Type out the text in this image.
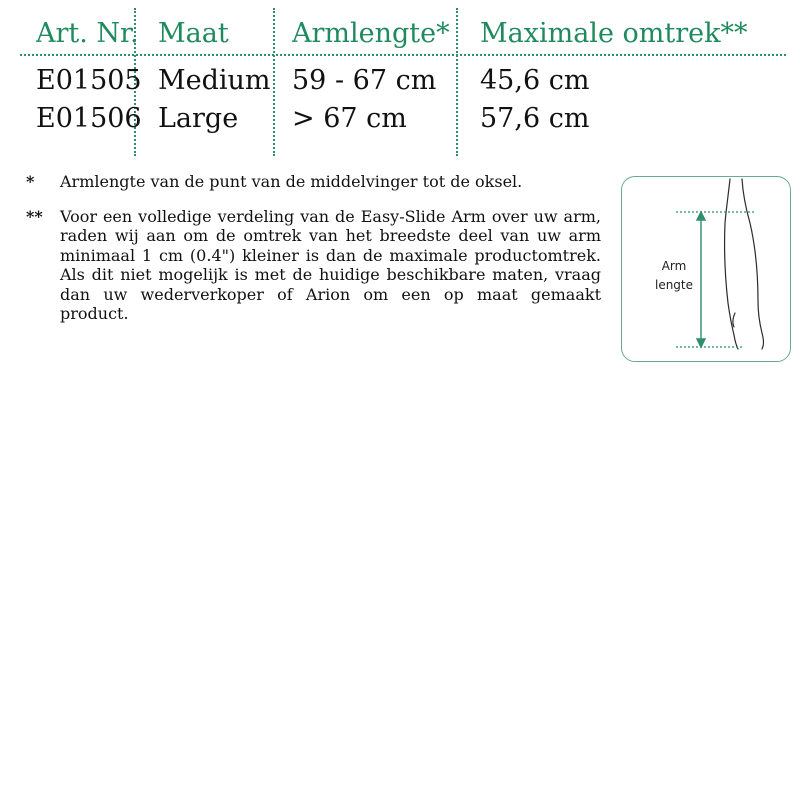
Art. Nr. Maat Armlengte* Maximale omtrek**
E01505 Medium 59 - 67 cm 45,6 cm
E01506 Large > 67 cm	57,6 cm
* Armlengte van de punt van de middelvinger tot de oksel.
** Voor een volledige verdeling van de Easy-Slide Arm over uw arm, raden wij aan om de omtrek van het breedste deel van uw arm minimaal 1 cm (0.4") kleiner is dan de maximale productomtrek. Als dit niet mogelijk is met de huidige beschikbare maten, vraag dan uw wederverkoper of Arion om een op maat gemaakt product.
Arm
lengte
